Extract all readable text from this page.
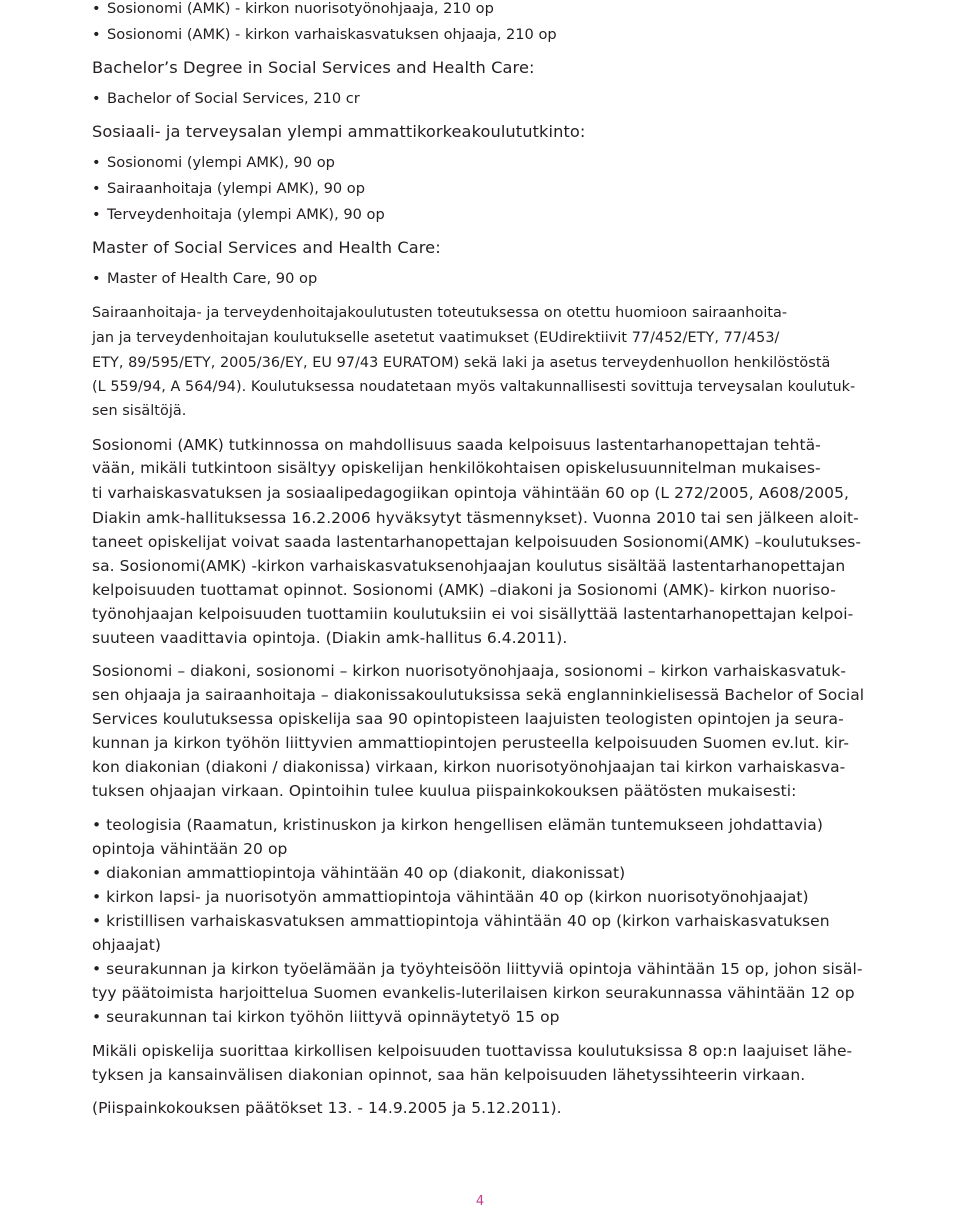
• Sosionomi (AMK) - kirkon nuorisotyönohjaaja, 210 op
• Sosionomi (AMK) - kirkon varhaiskasvatuksen ohjaaja, 210 op
Bachelor’s Degree in Social Services and Health Care:
• Bachelor of Social Services, 210 cr
Sosiaali- ja terveysalan ylempi ammattikorkeakoulututkinto:
• Sosionomi (ylempi AMK), 90 op
• Sairaanhoitaja (ylempi AMK), 90 op
• Terveydenhoitaja (ylempi AMK), 90 op
Master of Social Services and Health Care:
• Master of Health Care, 90 op
Sairaanhoitaja- ja terveydenhoitajakoulutusten toteutuksessa on otettu huomioon sairaanhoita-
jan ja terveydenhoitajan koulutukselle asetetut vaatimukset (EUdirektiivit 77/452/ETY, 77/453/
ETY, 89/595/ETY, 2005/36/EY, EU 97/43 EURATOM) sekä laki ja asetus terveydenhuollon henkilöstöstä
(L 559/94, A 564/94). Koulutuksessa noudatetaan myös valtakunnallisesti sovittuja terveysalan koulutuk-
sen sisältöjä.
Sosionomi (AMK) tutkinnossa on mahdollisuus saada kelpoisuus lastentarhanopettajan tehtä-
vään, mikäli tutkintoon sisältyy opiskelijan henkilökohtaisen opiskelusuunnitelman mukaises-
ti varhaiskasvatuksen ja sosiaalipedagogiikan opintoja vähintään 60 op (L 272/2005, A608/2005,
Diakin amk-hallituksessa 16.2.2006 hyväksytyt täsmennykset). Vuonna 2010 tai sen jälkeen aloit-
taneet opiskelijat voivat saada lastentarhanopettajan kelpoisuuden Sosionomi(AMK) –koulutukses-
sa. Sosionomi(AMK) -kirkon varhaiskasvatuksenohjaajan koulutus sisältää lastentarhanopettajan
kelpoisuuden tuottamat opinnot. Sosionomi (AMK) –diakoni ja Sosionomi (AMK)- kirkon nuoriso-
työnohjaajan kelpoisuuden tuottamiin koulutuksiin ei voi sisällyttää lastentarhanopettajan kelpoi-
suuteen vaadittavia opintoja. (Diakin amk-hallitus 6.4.2011).
Sosionomi – diakoni, sosionomi – kirkon nuorisotyönohjaaja, sosionomi – kirkon varhaiskasvatuk-
sen ohjaaja ja sairaanhoitaja – diakonissakoulutuksissa sekä englanninkielisessä Bachelor of Social
Services koulutuksessa opiskelija saa 90 opintopisteen laajuisten teologisten opintojen ja seura-
kunnan ja kirkon työhön liittyvien ammattiopintojen perusteella kelpoisuuden Suomen ev.lut. kir-
kon diakonian (diakoni / diakonissa) virkaan, kirkon nuorisotyönohjaajan tai kirkon varhaiskasva-
tuksen ohjaajan virkaan. Opintoihin tulee kuulua piispainkokouksen päätösten mukaisesti:
• teologisia (Raamatun, kristinuskon ja kirkon hengellisen elämän tuntemukseen johdattavia)
opintoja vähintään 20 op
• diakonian ammattiopintoja vähintään 40 op (diakonit, diakonissat)
• kirkon lapsi- ja nuorisotyön ammattiopintoja vähintään 40 op (kirkon nuorisotyönohjaajat)
• kristillisen varhaiskasvatuksen ammattiopintoja vähintään 40 op (kirkon varhaiskasvatuksen
ohjaajat)
• seurakunnan ja kirkon työelämään ja työyhteisöön liittyviä opintoja vähintään 15 op, johon sisäl-
tyy päätoimista harjoittelua Suomen evankelis-luterilaisen kirkon seurakunnassa vähintään 12 op
• seurakunnan tai kirkon työhön liittyvä opinnäytetyö 15 op
Mikäli opiskelija suorittaa kirkollisen kelpoisuuden tuottavissa koulutuksissa 8 op:n laajuiset lähe-
tyksen ja kansainvälisen diakonian opinnot, saa hän kelpoisuuden lähetyssihteerin virkaan.
(Piispainkokouksen päätökset 13. - 14.9.2005 ja 5.12.2011).
4
